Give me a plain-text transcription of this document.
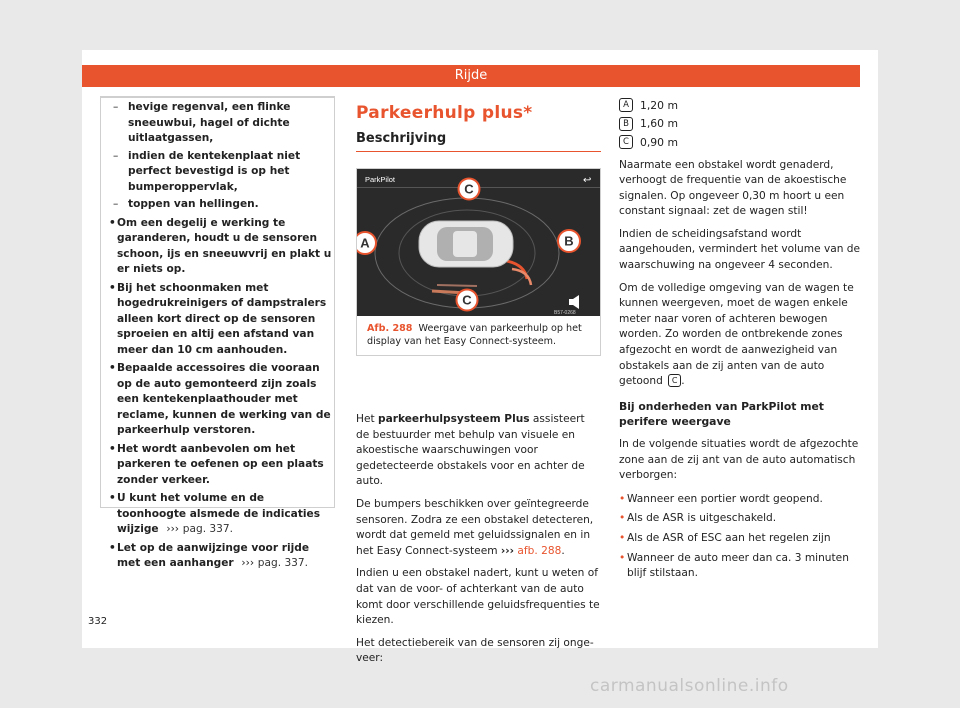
Rijde
– hevige regenval, een flinke sneeuwbui, hagel of dichte uitlaatgassen,
– indien de kentekenplaat niet perfect bevestigd is op het bumperoppervlak,
– toppen van hellingen.
• Om een degelij e werking te garanderen, houdt u de sensoren schoon, ijs en sneeuwvrij en plakt u er niets op.
• Bij het schoonmaken met hogedrukreinigers of dampstralers alleen kort direct op de sensoren sproeien en altij een afstand van meer dan 10 cm aanhouden.
• Bepaalde accessoires die vooraan op de auto gemonteerd zijn zoals een kentekenplaathouder met reclame, kunnen de werking van de parkeerhulp verstoren.
• Het wordt aanbevolen om het parkeren te oefenen op een plaats zonder verkeer.
• U kunt het volume en de toonhoogte alsmede de indicaties wijzige ››› pag. 337.
• Let op de aanwijzinge voor rijde met een aanhanger ››› pag. 337.
Parkeerhulp plus*
Beschrijving
ParkPilot	↩
C
A	B
C
B57-0268
Afb. 288 Weergave van parkeerhulp op het display van het Easy Connect-systeem.

Het parkeerhulpsysteem Plus assisteert de bestuurder met behulp van visuele en akoestische waarschuwingen voor gedetecteerde obstakels voor en achter de auto.

De bumpers beschikken over geïntegreerde sensoren. Zodra ze een obstakel detecteren, wordt dat gemeld met geluidssignalen en in het Easy Connect-systeem ››› afb. 288.

Indien u een obstakel nadert, kunt u weten of dat van de voor- of achterkant van de auto komt door verschillende geluidsfrequenties te kiezen.

Het detectiebereik van de sensoren zij onge-veer:

A	1,20 m
B	1,60 m
C	0,90 m

Naarmate een obstakel wordt genaderd, verhoogt de frequentie van de akoestische signalen. Op ongeveer 0,30 m hoort u een constant signaal: zet de wagen stil!

Indien de scheidingsafstand wordt aangehouden, vermindert het volume van de waarschuwing na ongeveer 4 seconden.

Om de volledige omgeving van de wagen te kunnen weergeven, moet de wagen enkele meter naar voren of achteren bewogen worden. Zo worden de ontbrekende zones afgezocht en wordt de aanwezigheid van obstakels aan de zij anten van de auto getoond C .

Bij onderheden van ParkPilot met perifere weergave

In de volgende situaties wordt de afgezochte zone aan de zij ant van de auto automatisch verborgen:

• Wanneer een portier wordt geopend.
• Als de ASR is uitgeschakeld.
• Als de ASR of ESC aan het regelen zijn
• Wanneer de auto meer dan ca. 3 minuten blijf stilstaan.
332
carmanualsonline.info
